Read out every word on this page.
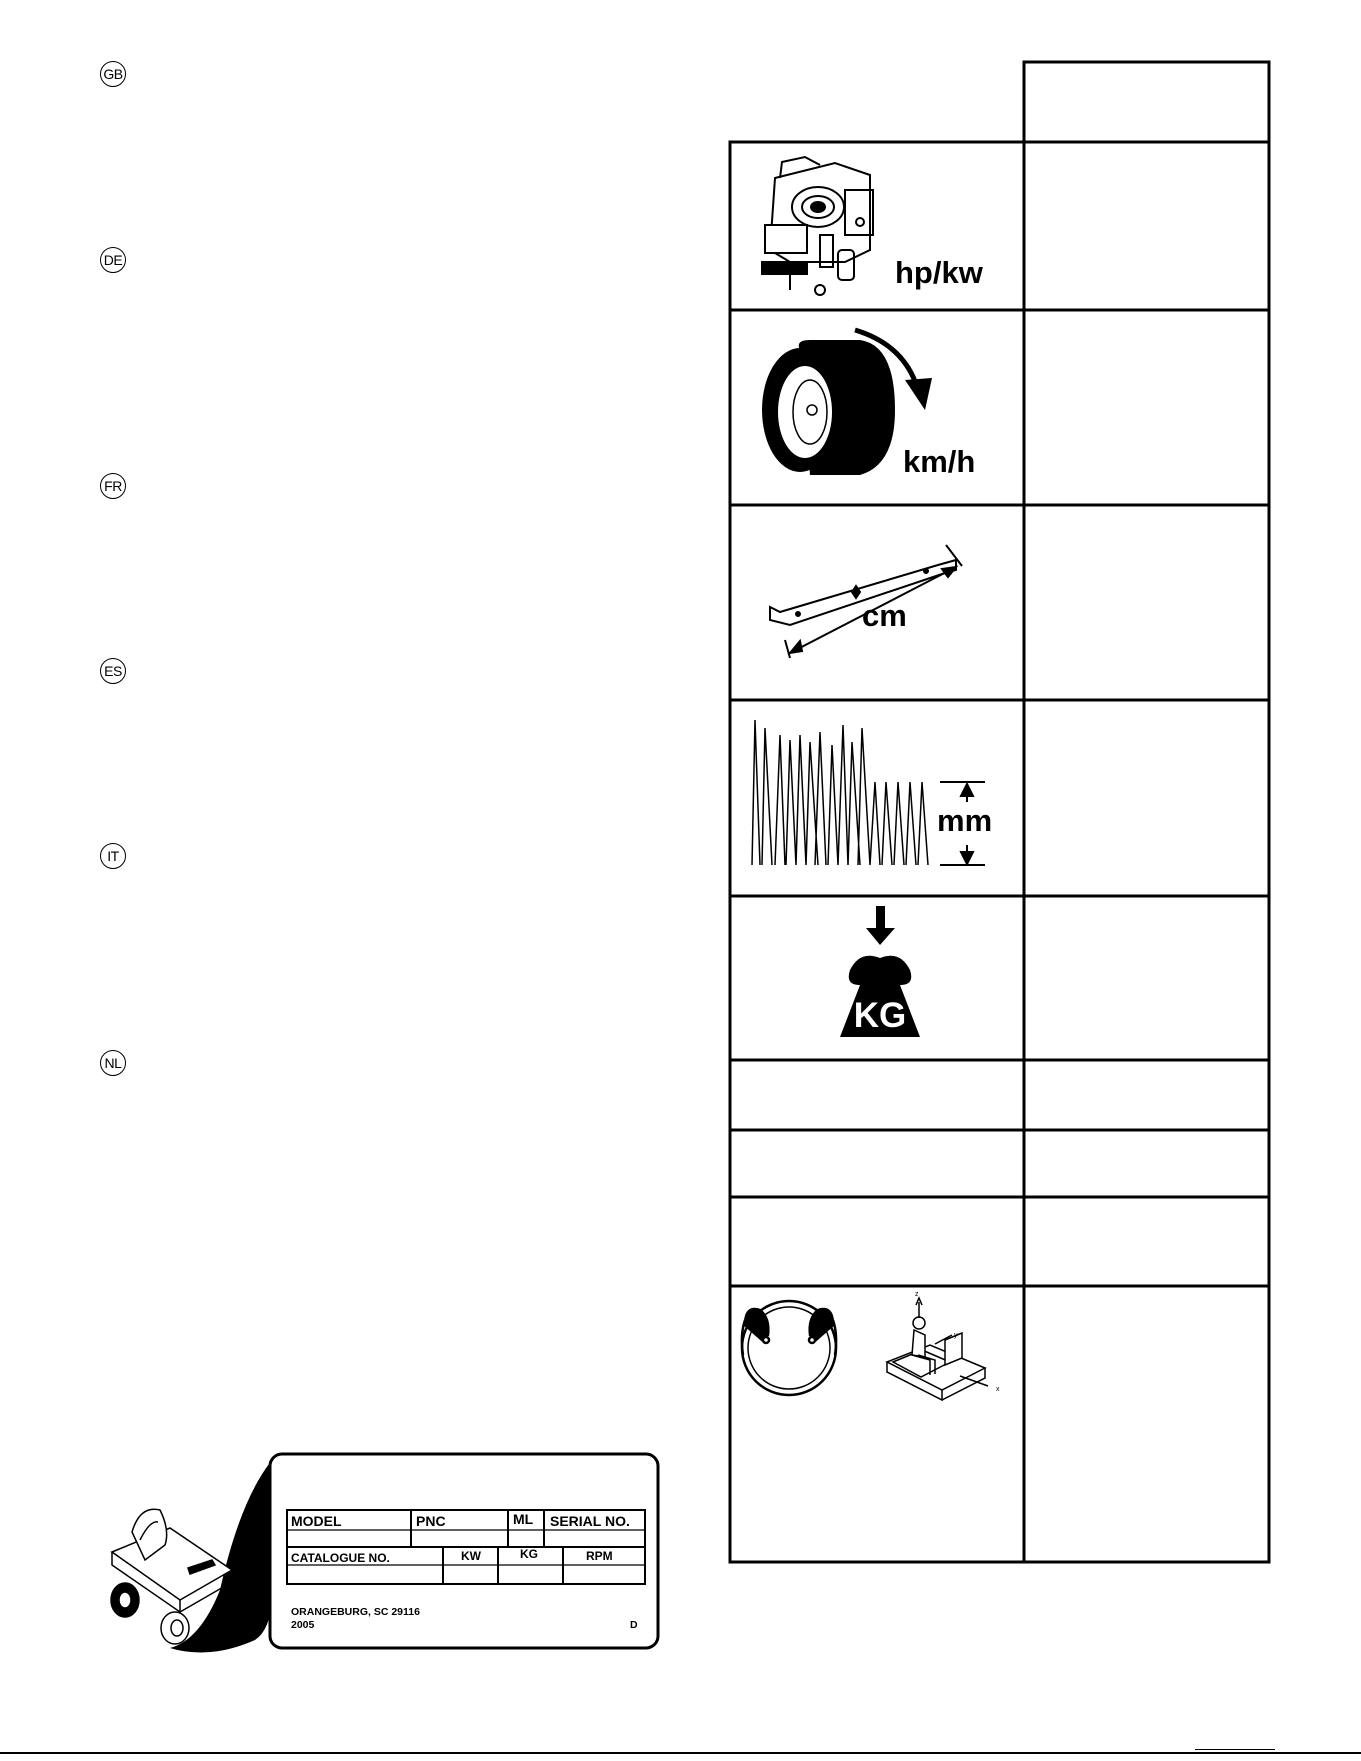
GB
DE
FR
ES
IT
NL
hp/kw
km/h
cm
mm
KG
z
y
x
MODEL	PNC	ML SERIAL NO.
CATALOGUE NO.	KW	KG	RPM
ORANGEBURG, SC 29116
2005	D
